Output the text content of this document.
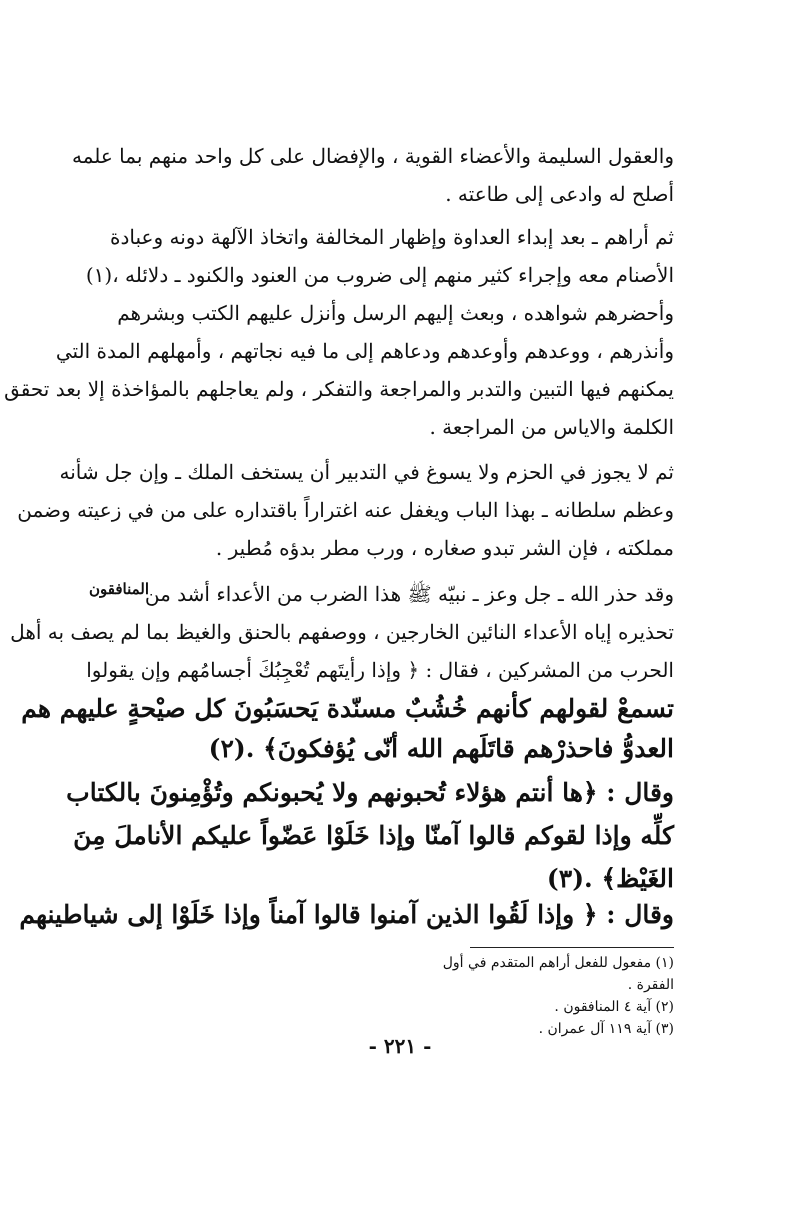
والعقول السليمة والأعضاء القوية ، والإفضال على كل واحد منهم بما علمه
أصلح له وادعى إلى طاعته .
ثم أراهم ـ بعد إبداء العداوة وإظهار المخالفة واتخاذ الآلهة دونه وعبادة
الأصنام معه وإجراء كثير منهم إلى ضروب من العنود والكنود ـ دلائله ،(١)
وأحضرهم شواهده ، وبعث إليهم الرسل وأنزل عليهم الكتب وبشرهم
وأنذرهم ، ووعدهم وأوعدهم ودعاهم إلى ما فيه نجاتهم ، وأمهلهم المدة التي
يمكنهم فيها التبين والتدبر والمراجعة والتفكر ، ولم يعاجلهم بالمؤاخذة إلا بعد تحقق
الكلمة والاياس من المراجعة .
ثم لا يجوز في الحزم ولا يسوغ في التدبير أن يستخف الملك ـ وإن جل شأنه
وعظم سلطانه ـ بهذا الباب ويغفل عنه اغتراراً باقتداره على من في زعيته وضمن
مملكته ، فإن الشر تبدو صغاره ، ورب مطر بدؤه مُطير .
المنافقون
وقد حذر الله ـ جل وعز ـ نبيّه ﷺ هذا الضرب من الأعداء أشد من
تحذيره إياه الأعداء النائين الخارجين ، ووصفهم بالحنق والغيظ بما لم يصف به أهل
الحرب من المشركين ، فقال : ﴿ وإذا رأيتَهم تُعْجِبُكَ أجسامُهم وإن يقولوا
تسمعْ لقولهم كأنهم خُشُبٌ مسنّدة يَحسَبُونَ كل صيْحةٍ عليهم هم
العدوُّ فاحذرْهم قاتَلَهم الله أنّى يُؤفكونَ﴾ .(٢)
وقال : ﴿ها أنتم هؤلاء تُحبونهم ولا يُحبونكم وتُؤْمِنونَ بالكتاب
كلِّه وإذا لقوكم قالوا آمنّا وإذا خَلَوْا عَضّواً عليكم الأناملَ مِنَ
الغَيْظ﴾ .(٣)
وقال : ﴿ وإذا لَقُوا الذين آمنوا قالوا آمناً وإذا خَلَوْا إلى شياطينهم
(١) مفعول للفعل أراهم المتقدم في أول الفقرة .
(٢) آية ٤ المنافقون .
(٣) آية ١١٩ آل عمران .
- ٢٢١ -
